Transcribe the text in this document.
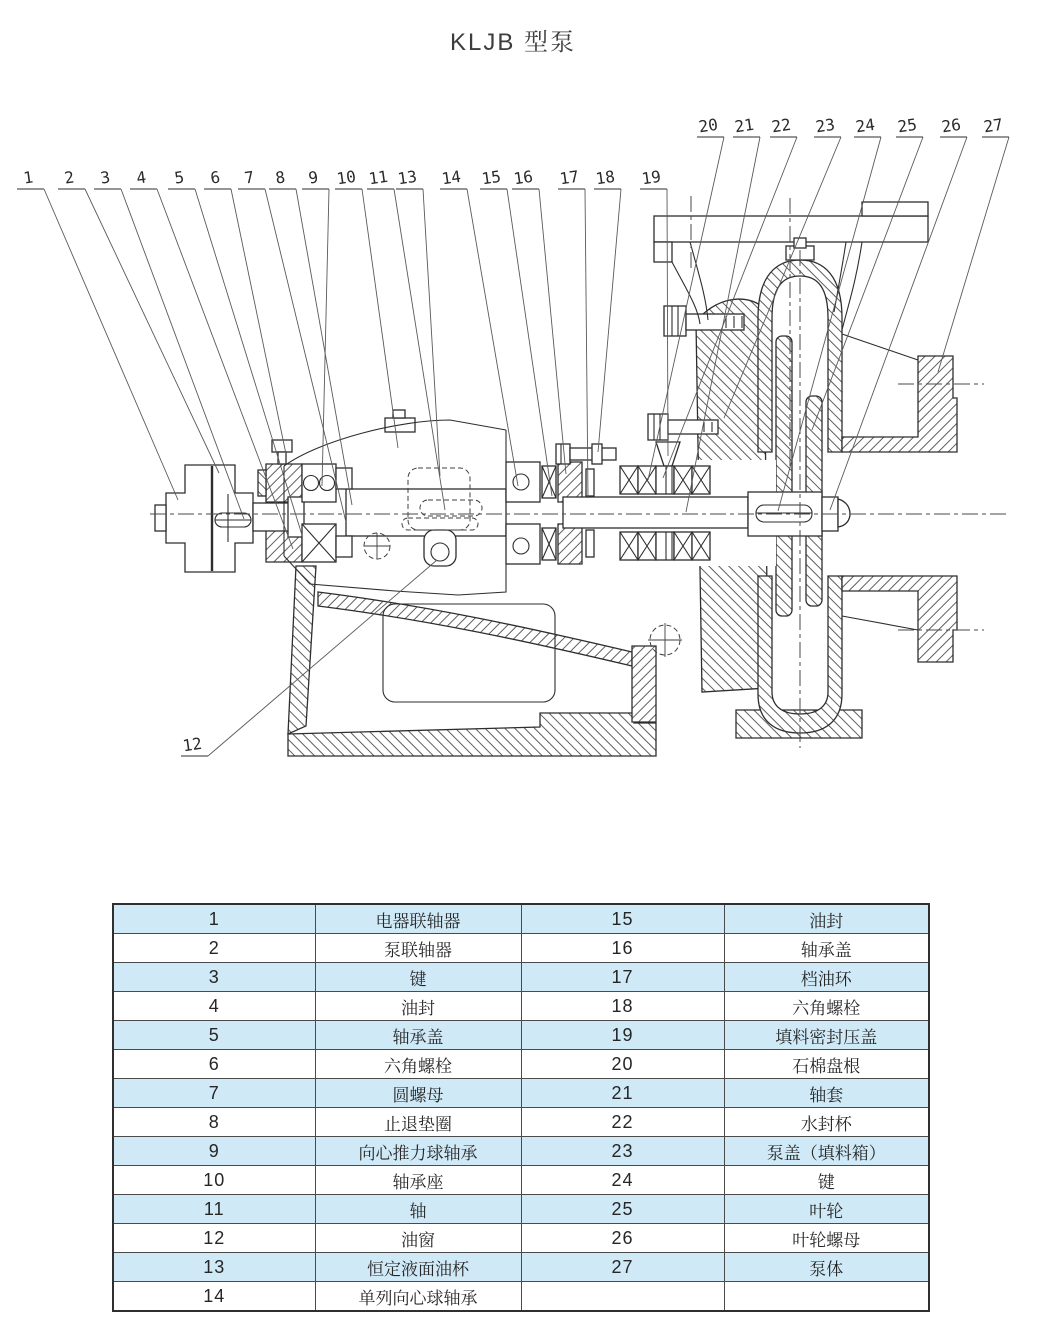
KLJB 型泵
1 2 3 4 5 6 7 8 9 10 11 13 14 15 16 17 18 19
20 21 22 23 24 25 26 27
12
1	电器联轴器	15	油封
2	泵联轴器	16	轴承盖
3	键	17	档油环
4	油封	18	六角螺栓
5	轴承盖	19	填料密封压盖
6	六角螺栓	20	石棉盘根
7	圆螺母	21	轴套
8	止退垫圈	22	水封杯
9	向心推力球轴承	23	泵盖（填料箱）
10	轴承座	24	键
11	轴	25	叶轮
12	油窗	26	叶轮螺母
13	恒定液面油杯	27	泵体
14	单列向心球轴承		
